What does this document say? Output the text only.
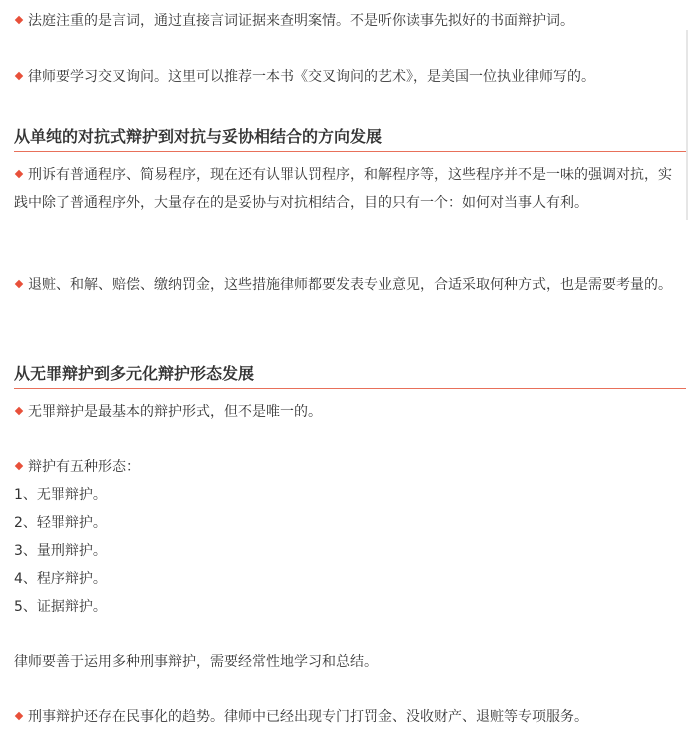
法庭注重的是言词，通过直接言词证据来查明案情。不是听你读事先拟好的书面辩护词。

律师要学习交叉询问。这里可以推荐一本书《交叉询问的艺术》，是美国一位执业律师写的。

从单纯的对抗式辩护到对抗与妥协相结合的方向发展

刑诉有普通程序、简易程序，现在还有认罪认罚程序，和解程序等，这些程序并不是一味的强调对抗，实践中除了普通程序外，大量存在的是妥协与对抗相结合，目的只有一个：如何对当事人有利。

退赃、和解、赔偿、缴纳罚金，这些措施律师都要发表专业意见，合适采取何种方式，也是需要考量的。

从无罪辩护到多元化辩护形态发展

无罪辩护是最基本的辩护形式，但不是唯一的。

辩护有五种形态：

1、无罪辩护。
2、轻罪辩护。
3、量刑辩护。
4、程序辩护。
5、证据辩护。

律师要善于运用多种刑事辩护，需要经常性地学习和总结。

刑事辩护还存在民事化的趋势。律师中已经出现专门打罚金、没收财产、退赃等专项服务。
